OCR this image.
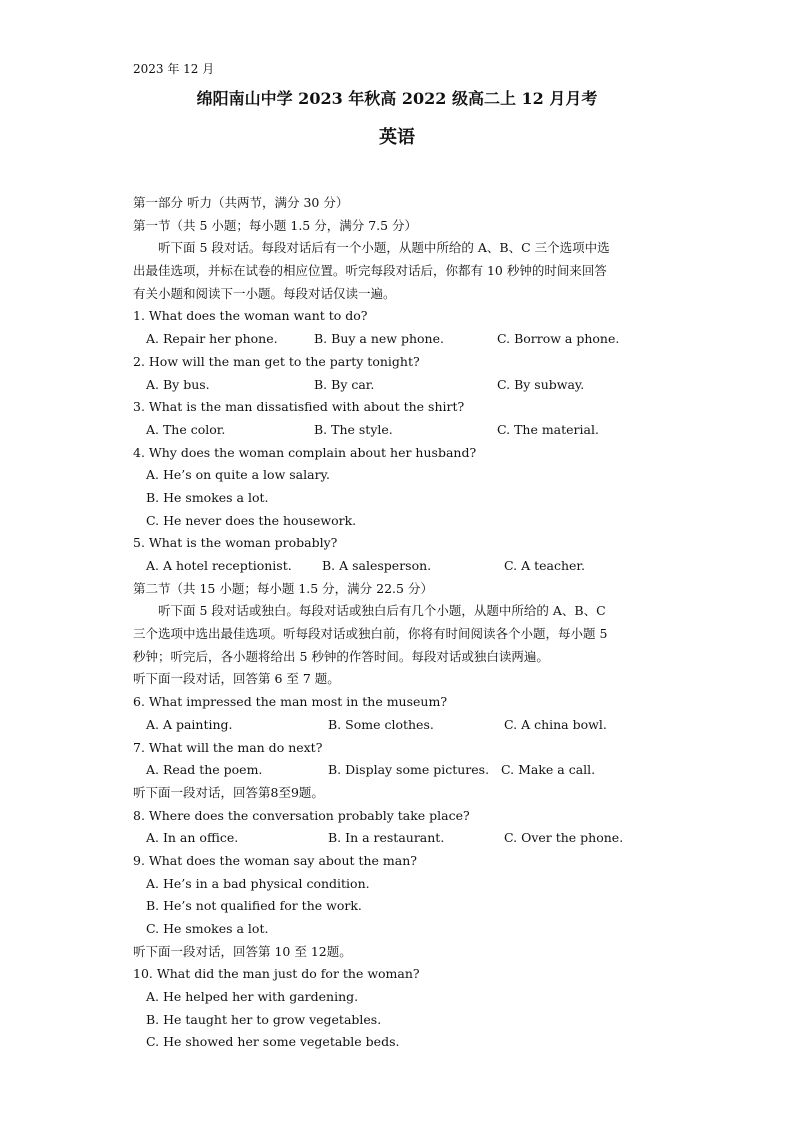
2023 年 12 月
绵阳南山中学 2023 年秋高 2022 级高二上 12 月月考
英语
第一部分 听力（共两节，满分 30 分）
第一节（共 5 小题；每小题 1.5 分，满分 7.5 分）
听下面 5 段对话。每段对话后有一个小题，从题中所给的 A、B、C 三个选项中选
出最佳选项，并标在试卷的相应位置。听完每段对话后，你都有 10 秒钟的时间来回答
有关小题和阅读下一小题。每段对话仅读一遍。
1. What does the woman want to do?
A. Repair her phone.	B. Buy a new phone.	C. Borrow a phone.
2. How will the man get to the party tonight?
A. By bus.	B. By car.	C. By subway.
3. What is the man dissatisfied with about the shirt?
A. The color.	B. The style.	C. The material.
4. Why does the woman complain about her husband?
A. He’s on quite a low salary.
B. He smokes a lot.
C. He never does the housework.
5. What is the woman probably?
A. A hotel receptionist. B. A salesperson.	C. A teacher.
第二节（共 15 小题；每小题 1.5 分，满分 22.5 分）
听下面 5 段对话或独白。每段对话或独白后有几个小题，从题中所给的 A、B、C
三个选项中选出最佳选项。听每段对话或独白前，你将有时间阅读各个小题，每小题 5
秒钟；听完后，各小题将给出 5 秒钟的作答时间。每段对话或独白读两遍。
听下面一段对话，回答第 6 至 7 题。
6. What impressed the man most in the museum?
A. A painting.	B. Some clothes.	C. A china bowl.
7. What will the man do next?
A. Read the poem.	B. Display some pictures. C. Make a call.
听下面一段对话，回答第8至9题。
8. Where does the conversation probably take place?
A. In an office.	B. In a restaurant.	C. Over the phone.
9. What does the woman say about the man?
A. He’s in a bad physical condition.
B. He’s not qualified for the work.
C. He smokes a lot.
听下面一段对话，回答第 10 至 12题。
10. What did the man just do for the woman?
A. He helped her with gardening.
B. He taught her to grow vegetables.
C. He showed her some vegetable beds.
